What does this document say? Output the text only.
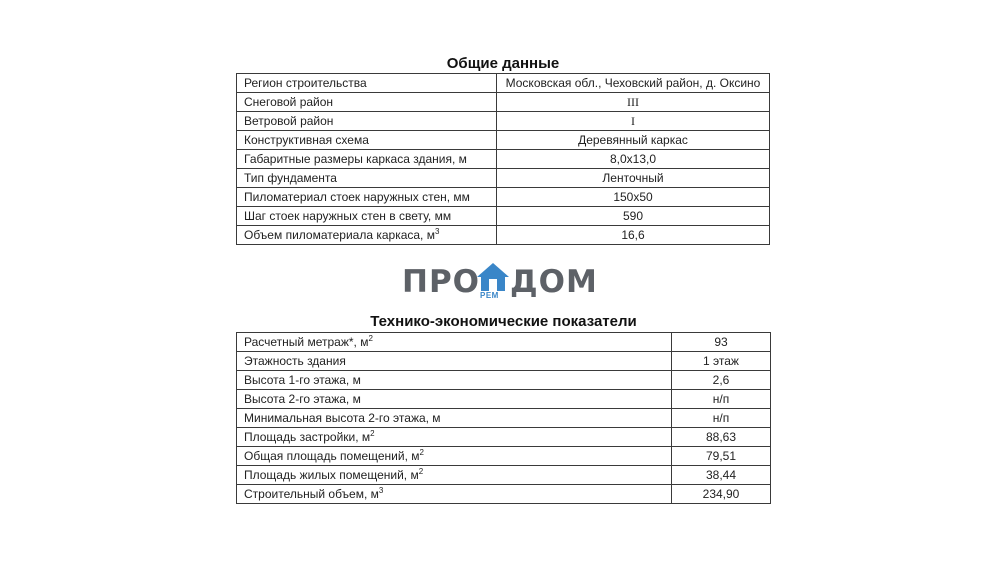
Общие данные
Регион строительства	Московская обл., Чеховский район, д. Оксино
Снеговой район	III
Ветровой район	I
Конструктивная схема	Деревянный каркас
Габаритные размеры каркаса здания, м	8,0х13,0
Тип фундамента	Ленточный
Пиломатериал стоек наружных стен, мм	150х50
Шаг стоек наружных стен в свету, мм	590
Объем пиломатериала каркаса, $м^3$	16,6
ПРО РЕМ ДОМ
Технико-экономические показатели
Расчетный метраж*, $м^2$	93
Этажность здания	1 этаж
Высота 1-го этажа, м	2,6
Высота 2-го этажа, м	н/п
Минимальная высота 2-го этажа, м	н/п
Площадь застройки, $м^2$	88,63
Общая площадь помещений, $м^2$	79,51
Площадь жилых помещений, $м^2$	38,44
Строительный объем, $м^3$	234,90
